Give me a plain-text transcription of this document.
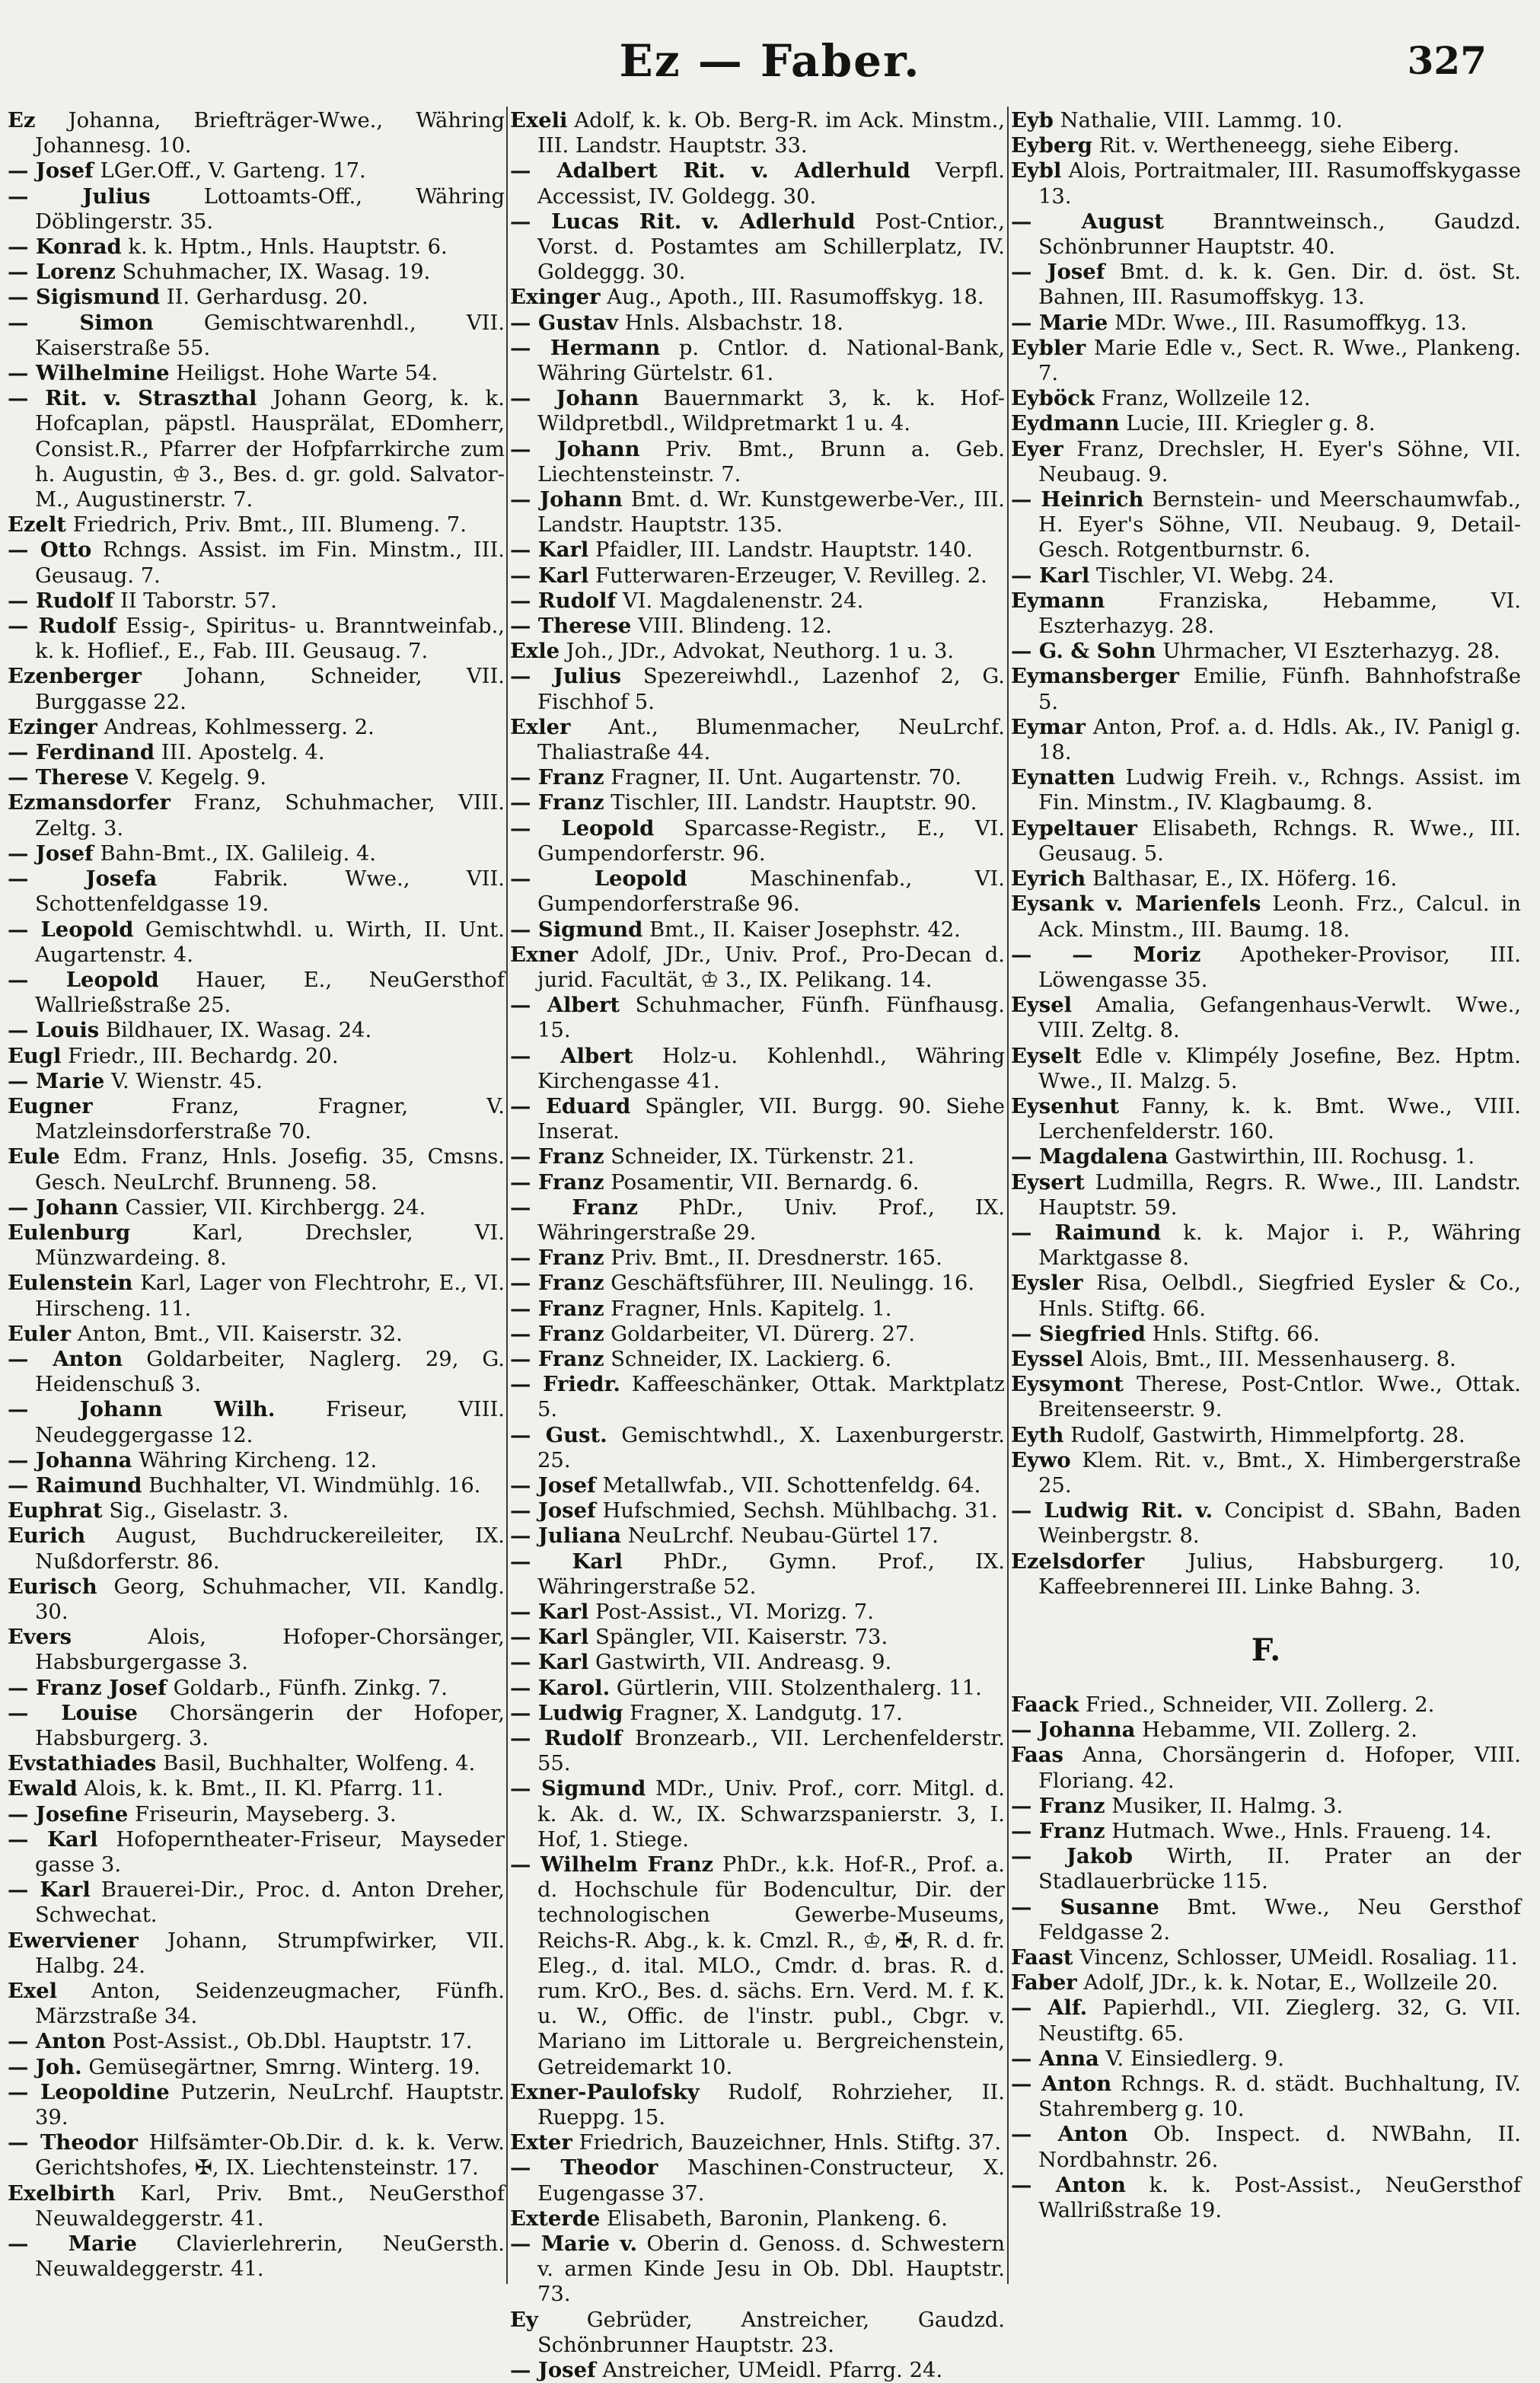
Ez — Faber.	327

Ez Johanna, Briefträger-Wwe., Währing Johannesg. 10.

— Josef LGer.Off., V. Garteng. 17.

— Julius	Lottoamts-Off., Währing Döblingerstr. 35.

— Konrad k. k. Hptm., Hnls. Hauptstr. 6.

— Lorenz Schuhmacher, IX. Wasag. 19.

— Sigismund II. Gerhardusg. 20.

— Simon Gemischtwarenhdl., VII. Kaiserstraße 55.

— Wilhelmine Heiligst. Hohe Warte 54.

— Rit. v. Straszthal Johann Georg, k. k. Hofcaplan, päpstl. Hausprälat, EDomherr, Consist.R., Pfarrer der Hofpfarrkirche zum h. Augustin, ♔ 3., Bes. d. gr. gold. Salvator-M., Augustinerstr. 7.

Ezelt Friedrich, Priv. Bmt., III. Blumeng. 7.

— Otto Rchngs. Assist. im Fin. Minstm., III. Geusaug. 7.

— Rudolf II Taborstr. 57.

— Rudolf Essig-, Spiritus- u. Branntweinfab., k. k. Hoflief., E., Fab. III. Geusaug. 7.

Ezenberger Johann, Schneider, VII. Burggasse 22.

Ezinger Andreas, Kohlmesserg. 2.

— Ferdinand III. Apostelg. 4.

— Therese V. Kegelg. 9.

Ezmansdorfer Franz, Schuhmacher, VIII. Zeltg. 3.

— Josef Bahn-Bmt., IX. Galileig. 4.

— Josefa	Fabrik. Wwe., VII. Schottenfeldgasse 19.

— Leopold Gemischtwhdl. u. Wirth, II. Unt. Augartenstr. 4.

— Leopold Hauer, E., NeuGersthof Wallrießstraße 25.

— Louis Bildhauer, IX. Wasag. 24.

Eugl Friedr., III. Bechardg. 20.

— Marie V. Wienstr. 45.

Eugner	Franz, Fragner, V. Matzleinsdorferstraße 70.

Eule Edm. Franz, Hnls. Josefig. 35, Cmsns. Gesch. NeuLrchf. Brunneng. 58.

— Johann Cassier, VII. Kirchbergg. 24.

Eulenburg	Karl, Drechsler, VI. Münzwardeing. 8.

Eulenstein Karl, Lager von Flechtrohr, E., VI. Hirscheng. 11.

Euler Anton, Bmt., VII. Kaiserstr. 32.

— Anton Goldarbeiter, Naglerg. 29, G. Heidenschuß 3.

— Johann Wilh. Friseur, VIII. Neudeggergasse 12.

— Johanna Währing Kircheng. 12.

— Raimund Buchhalter, VI. Windmühlg. 16.

Euphrat Sig., Giselastr. 3.

Eurich August, Buchdruckereileiter, IX. Nußdorferstr. 86.

Eurisch Georg, Schuhmacher, VII. Kandlg. 30.

Evers	Alois, Hofoper-Chorsänger, Habsburgergasse 3.

— Franz Josef Goldarb., Fünfh. Zinkg. 7.

— Louise Chorsängerin der Hofoper, Habsburgerg. 3.

Evstathiades Basil, Buchhalter, Wolfeng. 4.

Ewald Alois, k. k. Bmt., II. Kl. Pfarrg. 11.

— Josefine Friseurin, Mayseberg. 3.

— Karl Hofoperntheater-Friseur, Mayseder gasse 3.

— Karl Brauerei-Dir., Proc. d. Anton Dreher, Schwechat.

Ewerviener Johann, Strumpfwirker, VII. Halbg. 24.

Exel Anton, Seidenzeugmacher, Fünfh. Märzstraße 34.

— Anton Post-Assist., Ob.Dbl. Hauptstr. 17.

— Joh. Gemüsegärtner, Smrng. Winterg. 19.

— Leopoldine Putzerin, NeuLrchf. Hauptstr. 39.

— Theodor Hilfsämter-Ob.Dir. d. k. k. Verw. Gerichtshofes, ✠, IX. Liechtensteinstr. 17.

Exelbirth Karl, Priv. Bmt., NeuGersthof Neuwaldeggerstr. 41.

— Marie Clavierlehrerin, NeuGersth. Neuwaldeggerstr. 41.

Exeli Adolf, k. k. Ob. Berg-R. im Ack. Minstm., III. Landstr. Hauptstr. 33.

— Adalbert Rit. v. Adlerhuld Verpfl. Accessist, IV. Goldegg. 30.

— Lucas Rit. v. Adlerhuld Post-Cntior., Vorst. d. Postamtes am Schillerplatz, IV. Goldeggg. 30.

Exinger Aug., Apoth., III. Rasumoffskyg. 18.

— Gustav Hnls. Alsbachstr. 18.

— Hermann p. Cntlor. d. National-Bank, Währing Gürtelstr. 61.

— Johann Bauernmarkt 3, k. k. Hof-Wildpretbdl., Wildpretmarkt 1 u. 4.

— Johann Priv. Bmt., Brunn a. Geb. Liechtensteinstr. 7.

— Johann Bmt. d. Wr. Kunstgewerbe-Ver., III. Landstr. Hauptstr. 135.

— Karl Pfaidler, III. Landstr. Hauptstr. 140.

— Karl Futterwaren-Erzeuger, V. Revilleg. 2.

— Rudolf VI. Magdalenenstr. 24.

— Therese VIII. Blindeng. 12.

Exle Joh., JDr., Advokat, Neuthorg. 1 u. 3.

— Julius Spezereiwhdl., Lazenhof 2, G. Fischhof 5.

Exler Ant., Blumenmacher, NeuLrchf. Thaliastraße 44.

— Franz Fragner, II. Unt. Augartenstr. 70.

— Franz Tischler, III. Landstr. Hauptstr. 90.

— Leopold Sparcasse-Registr., E., VI. Gumpendorferstr. 96.

— Leopold	Maschinenfab., VI. Gumpendorferstraße 96.

— Sigmund Bmt., II. Kaiser Josephstr. 42.

Exner Adolf, JDr., Univ. Prof., Pro-Decan d. jurid. Facultät, ♔ 3., IX. Pelikang. 14.

— Albert Schuhmacher, Fünfh. Fünfhausg. 15.

— Albert Holz-u. Kohlenhdl., Währing Kirchengasse 41.

— Eduard Spängler, VII. Burgg. 90. Siehe Inserat.

— Franz Schneider, IX. Türkenstr. 21.

— Franz Posamentir, VII. Bernardg. 6.

— Franz PhDr., Univ. Prof., IX. Währingerstraße 29.

— Franz Priv. Bmt., II. Dresdnerstr. 165.

— Franz Geschäftsführer, III. Neulingg. 16.

— Franz Fragner, Hnls. Kapitelg. 1.

— Franz Goldarbeiter, VI. Dürerg. 27.

— Franz Schneider, IX. Lackierg. 6.

— Friedr. Kaffeeschänker, Ottak. Marktplatz 5.

— Gust. Gemischtwhdl., X. Laxenburgerstr. 25.

— Josef Metallwfab., VII. Schottenfeldg. 64.

— Josef Hufschmied, Sechsh. Mühlbachg. 31.

— Juliana NeuLrchf. Neubau-Gürtel 17.

— Karl PhDr., Gymn. Prof., IX. Währingerstraße 52.

— Karl Post-Assist., VI. Morizg. 7.

— Karl Spängler, VII. Kaiserstr. 73.

— Karl Gastwirth, VII. Andreasg. 9.

— Karol. Gürtlerin, VIII. Stolzenthalerg. 11.

— Ludwig Fragner, X. Landgutg. 17.

— Rudolf Bronzearb., VII. Lerchenfelderstr. 55.

— Sigmund MDr., Univ. Prof., corr. Mitgl. d. k. Ak. d. W., IX. Schwarzspanierstr. 3, I. Hof, 1. Stiege.

— Wilhelm Franz PhDr., k.k. Hof-R., Prof. a. d. Hochschule für Bodencultur, Dir. der technologischen Gewerbe-Museums, Reichs-R. Abg., k. k. Cmzl. R., ♔, ✠, R. d. fr. Eleg., d. ital. MLO., Cmdr. d. bras. R. d. rum. KrO., Bes. d. sächs. Ern. Verd. M. f. K. u. W., Offic. de l'instr. publ., Cbgr. v. Mariano im Littorale u. Bergreichenstein, Getreidemarkt 10.

Exner-Paulofsky Rudolf, Rohrzieher, II. Rueppg. 15.

Exter Friedrich, Bauzeichner, Hnls. Stiftg. 37.

— Theodor Maschinen-Constructeur, X. Eugengasse 37.

Exterde Elisabeth, Baronin, Plankeng. 6.

— Marie v. Oberin d. Genoss. d. Schwestern v. armen Kinde Jesu in Ob. Dbl. Hauptstr. 73.

Ey Gebrüder, Anstreicher, Gaudzd. Schönbrunner Hauptstr. 23.

— Josef Anstreicher, UMeidl. Pfarrg. 24.

Eyb Nathalie, VIII. Lammg. 10.

Eyberg Rit. v. Wertheneegg, siehe Eiberg.

Eybl Alois, Portraitmaler, III. Rasumoffskygasse 13.

— August Branntweinsch., Gaudzd. Schönbrunner Hauptstr. 40.

— Josef Bmt. d. k. k. Gen. Dir. d. öst. St. Bahnen, III. Rasumoffskyg. 13.

— Marie MDr. Wwe., III. Rasumoffkyg. 13.

Eybler Marie Edle v., Sect. R. Wwe., Plankeng. 7.

Eyböck Franz, Wollzeile 12.

Eydmann Lucie, III. Kriegler g. 8.

Eyer Franz, Drechsler, H. Eyer's Söhne, VII. Neubaug. 9.

— Heinrich Bernstein- und Meerschaumwfab., H. Eyer's Söhne, VII. Neubaug. 9, Detail-Gesch. Rotgentburnstr. 6.

— Karl Tischler, VI. Webg. 24.

Eymann	Franziska, Hebamme, VI. Eszterhazyg. 28.

— G. & Sohn Uhrmacher, VI Eszterhazyg. 28.

Eymansberger Emilie, Fünfh. Bahnhofstraße 5.

Eymar Anton, Prof. a. d. Hdls. Ak., IV. Panigl g. 18.

Eynatten Ludwig Freih. v., Rchngs. Assist. im Fin. Minstm., IV. Klagbaumg. 8.

Eypeltauer Elisabeth, Rchngs. R. Wwe., III. Geusaug. 5.

Eyrich Balthasar, E., IX. Höferg. 16.

Eysank v. Marienfels Leonh. Frz., Calcul. in Ack. Minstm., III. Baumg. 18.

— — Moriz Apotheker-Provisor, III. Löwengasse 35.

Eysel Amalia, Gefangenhaus-Verwlt. Wwe., VIII. Zeltg. 8.

Eyselt Edle v. Klimpély Josefine, Bez. Hptm. Wwe., II. Malzg. 5.

Eysenhut Fanny, k. k. Bmt. Wwe., VIII. Lerchenfelderstr. 160.

— Magdalena Gastwirthin, III. Rochusg. 1.

Eysert Ludmilla, Regrs. R. Wwe., III. Landstr. Hauptstr. 59.

— Raimund k. k. Major i. P., Währing Marktgasse 8.

Eysler Risa, Oelbdl., Siegfried Eysler & Co., Hnls. Stiftg. 66.

— Siegfried Hnls. Stiftg. 66.

Eyssel Alois, Bmt., III. Messenhauserg. 8.

Eysymont Therese, Post-Cntlor. Wwe., Ottak. Breitenseerstr. 9.

Eyth Rudolf, Gastwirth, Himmelpfortg. 28.

Eywo Klem. Rit. v., Bmt., X. Himbergerstraße 25.

— Ludwig Rit. v. Concipist d. SBahn, Baden Weinbergstr. 8.

Ezelsdorfer Julius, Habsburgerg. 10, Kaffeebrennerei III. Linke Bahng. 3.

F.

Faack Fried., Schneider, VII. Zollerg. 2.

— Johanna Hebamme, VII. Zollerg. 2.

Faas Anna, Chorsängerin d. Hofoper, VIII. Floriang. 42.

— Franz Musiker, II. Halmg. 3.

— Franz Hutmach. Wwe., Hnls. Fraueng. 14.

— Jakob Wirth, II. Prater an der Stadlauerbrücke 115.

— Susanne Bmt. Wwe., Neu Gersthof Feldgasse 2.

Faast Vincenz, Schlosser, UMeidl. Rosaliag. 11.

Faber Adolf, JDr., k. k. Notar, E., Wollzeile 20.

— Alf. Papierhdl., VII. Zieglerg. 32, G. VII. Neustiftg. 65.

— Anna V. Einsiedlerg. 9.

— Anton Rchngs. R. d. städt. Buchhaltung, IV. Stahremberg g. 10.

— Anton Ob. Inspect. d. NWBahn, II. Nordbahnstr. 26.

— Anton k. k. Post-Assist., NeuGersthof Wallrißstraße 19.
